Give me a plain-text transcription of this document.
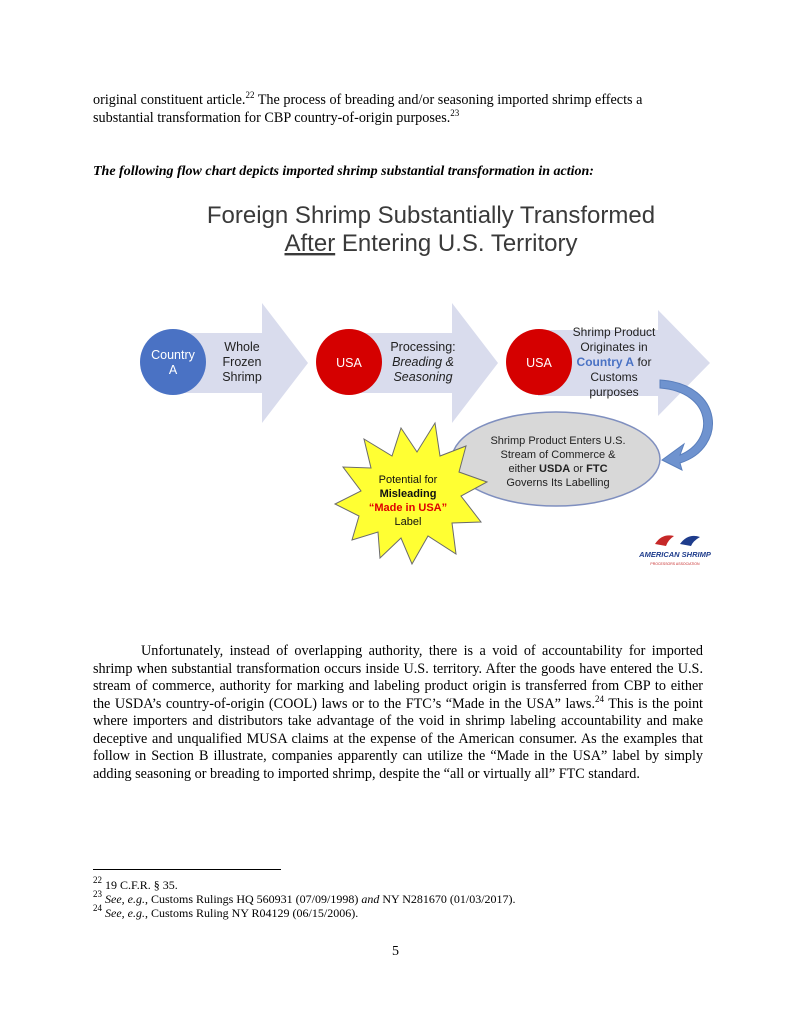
original constituent article.$^{22}$ The process of breading and/or seasoning imported shrimp effects a substantial transformation for CBP country-of-origin purposes.$^{23}$
The following flow chart depicts imported shrimp substantial transformation in action:
Foreign Shrimp Substantially Transformed
After Entering U.S. Territory
Country
A	USA	USA
Whole
Frozen
Shrimp
Processing:
Breading &
Seasoning
Shrimp Product
Originates in
Country A for
Customs
purposes
Shrimp Product Enters U.S.
Stream of Commerce &
either USDA or FTC
Governs Its Labelling
Potential for
Misleading
“Made in USA”
Label
AMERICAN SHRIMP
PROCESSORS ASSOCIATION
Unfortunately, instead of overlapping authority, there is a void of accountability for imported shrimp when substantial transformation occurs inside U.S. territory. After the goods have entered the U.S. stream of commerce, authority for marking and labeling product origin is transferred from CBP to either the USDA’s country-of-origin (COOL) laws or to the FTC’s “Made in the USA” laws.$^{24}$ This is the point where importers and distributors take advantage of the void in shrimp labeling accountability and make deceptive and unqualified MUSA claims at the expense of the American consumer. As the examples that follow in Section B illustrate, companies apparently can utilize the “Made in the USA” label by simply adding seasoning or breading to imported shrimp, despite the “all or virtually all” FTC standard.
$^{22}$ 19 C.F.R. § 35.
$^{23}$ See, e.g., Customs Rulings HQ 560931 (07/09/1998) and NY N281670 (01/03/2017).
$^{24}$ See, e.g., Customs Ruling NY R04129 (06/15/2006).
5
